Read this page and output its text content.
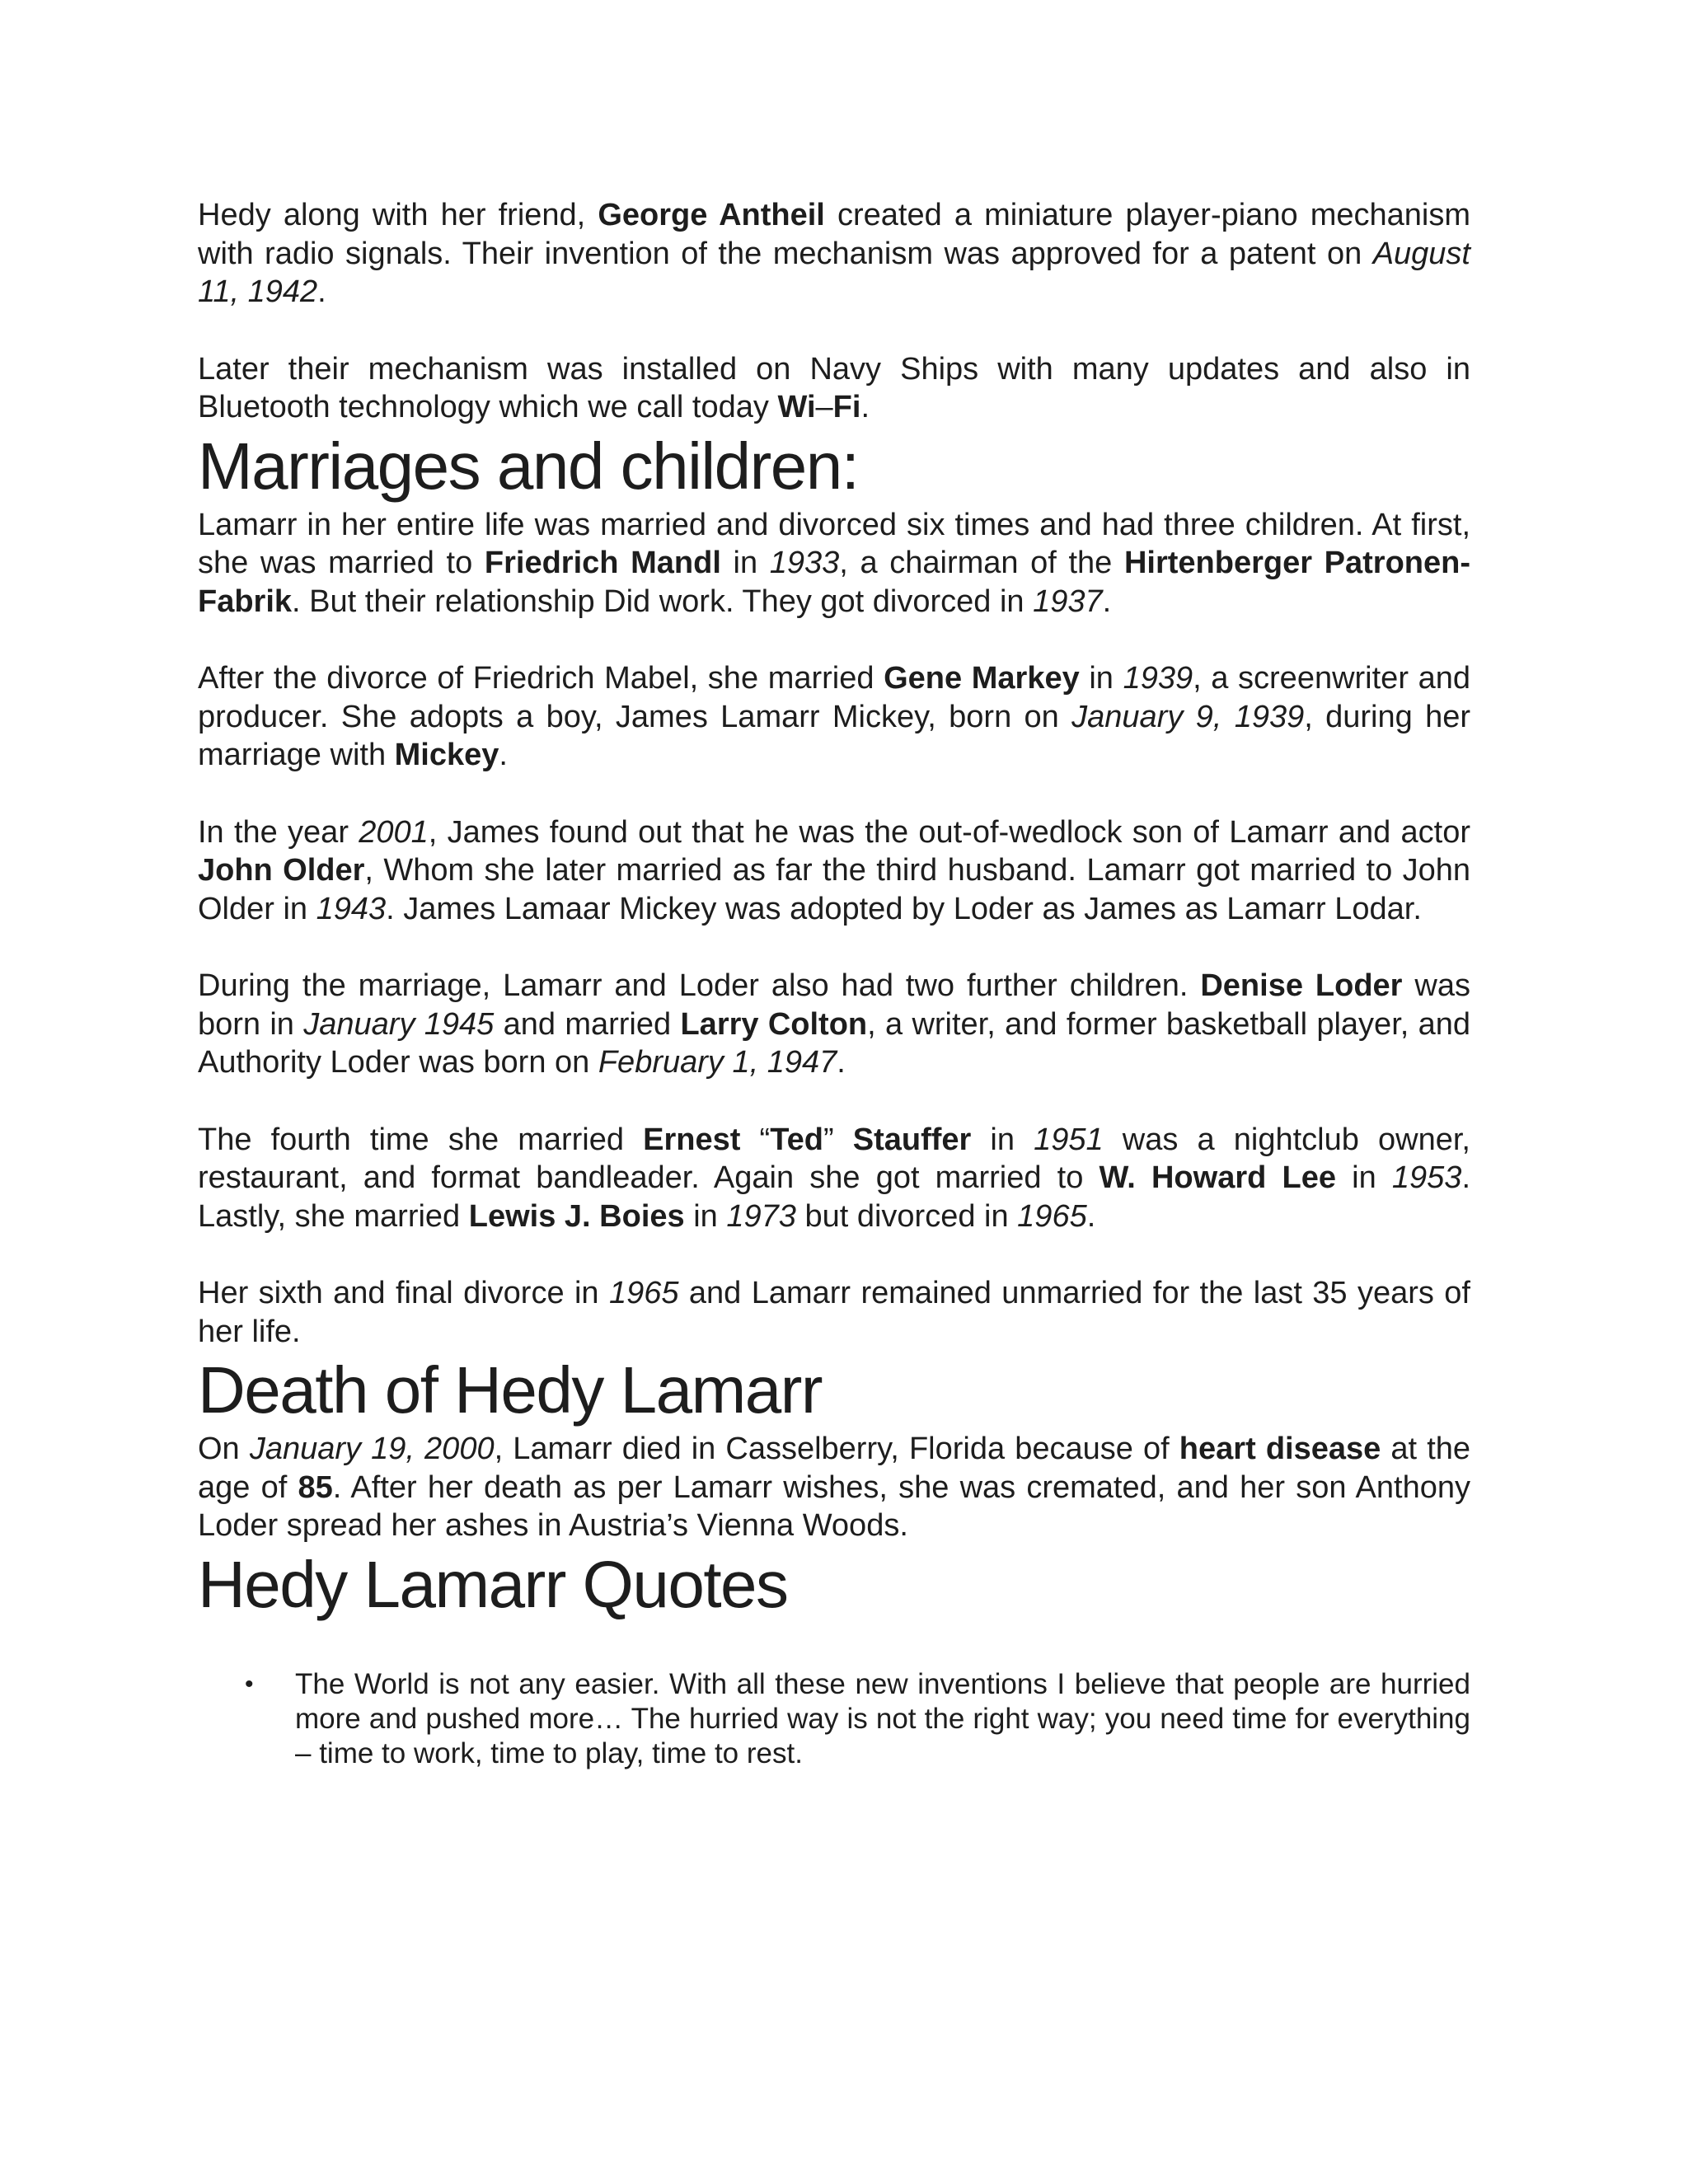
Hedy along with her friend, George Antheil created a miniature player-piano mechanism with radio signals. Their invention of the mechanism was approved for a patent on August 11, 1942.

Later their mechanism was installed on Navy Ships with many updates and also in Bluetooth technology which we call today Wi–Fi.

Marriages and children:

Lamarr in her entire life was married and divorced six times and had three children. At first, she was married to Friedrich Mandl in 1933, a chairman of the Hirtenberger Patronen-Fabrik. But their relationship Did work. They got divorced in 1937.

After the divorce of Friedrich Mabel, she married Gene Markey in 1939, a screenwriter and producer. She adopts a boy, James Lamarr Mickey, born on January 9, 1939, during her marriage with Mickey.

In the year 2001, James found out that he was the out-of-wedlock son of Lamarr and actor John Older, Whom she later married as far the third husband. Lamarr got married to John Older in 1943. James Lamaar Mickey was adopted by Loder as James as Lamarr Lodar.

During the marriage, Lamarr and Loder also had two further children. Denise Loder was born in January 1945 and married Larry Colton, a writer, and former basketball player, and Authority Loder was born on February 1, 1947.

The fourth time she married Ernest “Ted” Stauffer in 1951 was a nightclub owner, restaurant, and format bandleader. Again she got married to W. Howard Lee in 1953. Lastly, she married Lewis J. Boies in 1973 but divorced in 1965.

Her sixth and final divorce in 1965 and Lamarr remained unmarried for the last 35 years of her life.

Death of Hedy Lamarr

On January 19, 2000, Lamarr died in Casselberry, Florida because of heart disease at the age of 85. After her death as per Lamarr wishes, she was cremated, and her son Anthony Loder spread her ashes in Austria’s Vienna Woods.

Hedy Lamarr Quotes
• The World is not any easier. With all these new inventions I believe that people are hurried more and pushed more… The hurried way is not the right way; you need time for everything – time to work, time to play, time to rest.
